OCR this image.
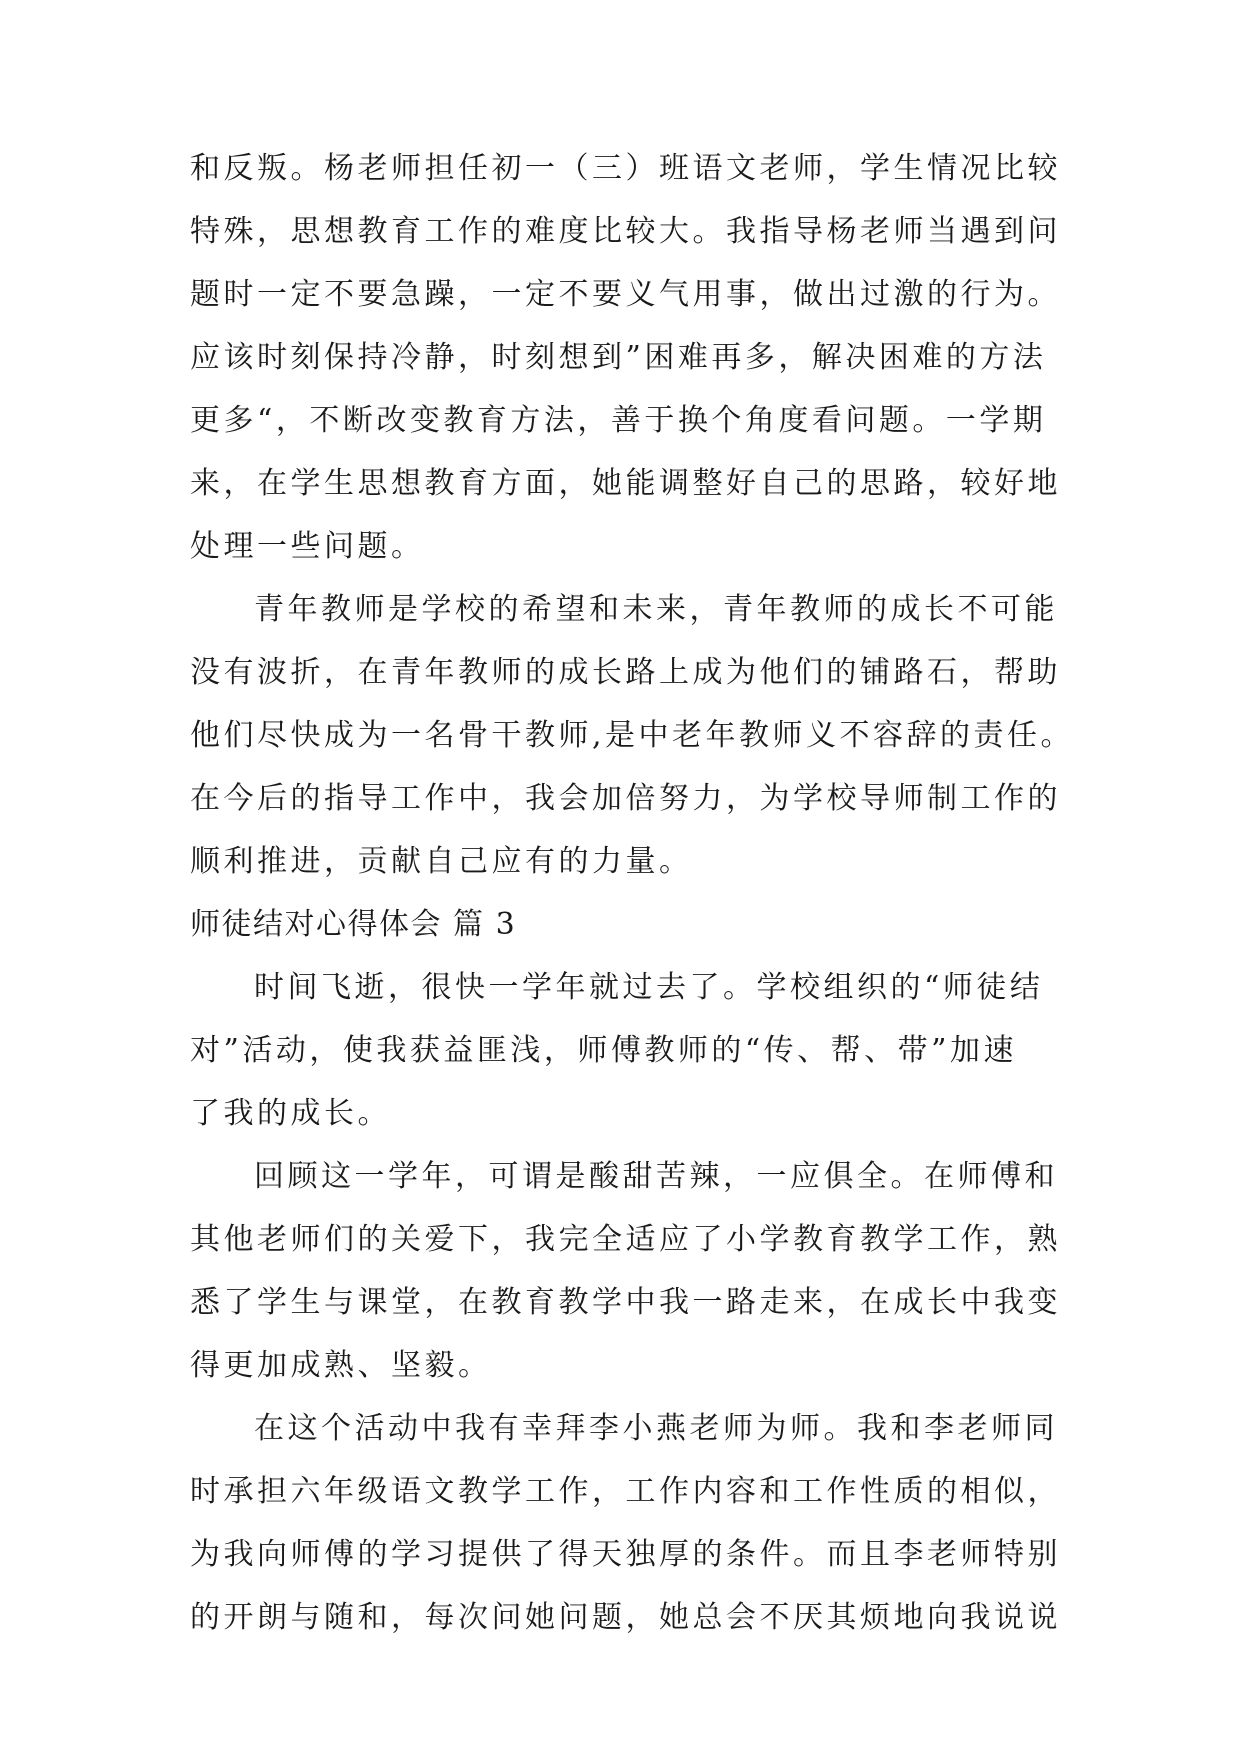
和反叛。杨老师担任初一（三）班语文老师，学生情况比较
特殊，思想教育工作的难度比较大。我指导杨老师当遇到问
题时一定不要急躁，一定不要义气用事，做出过激的行为。
应该时刻保持冷静，时刻想到”困难再多，解决困难的方法
更多“，不断改变教育方法，善于换个角度看问题。一学期
来，在学生思想教育方面，她能调整好自己的思路，较好地
处理一些问题。
青年教师是学校的希望和未来，青年教师的成长不可能
没有波折，在青年教师的成长路上成为他们的铺路石，帮助
他们尽快成为一名骨干教师,是中老年教师义不容辞的责任。
在今后的指导工作中，我会加倍努力，为学校导师制工作的
顺利推进，贡献自己应有的力量。
师徒结对心得体会 篇 3
时间飞逝，很快一学年就过去了。学校组织的“师徒结
对”活动，使我获益匪浅，师傅教师的“传、帮、带”加速
了我的成长。
回顾这一学年，可谓是酸甜苦辣，一应俱全。在师傅和
其他老师们的关爱下，我完全适应了小学教育教学工作，熟
悉了学生与课堂，在教育教学中我一路走来，在成长中我变
得更加成熟、坚毅。
在这个活动中我有幸拜李小燕老师为师。我和李老师同
时承担六年级语文教学工作，工作内容和工作性质的相似，
为我向师傅的学习提供了得天独厚的条件。而且李老师特别
的开朗与随和，每次问她问题，她总会不厌其烦地向我说说
